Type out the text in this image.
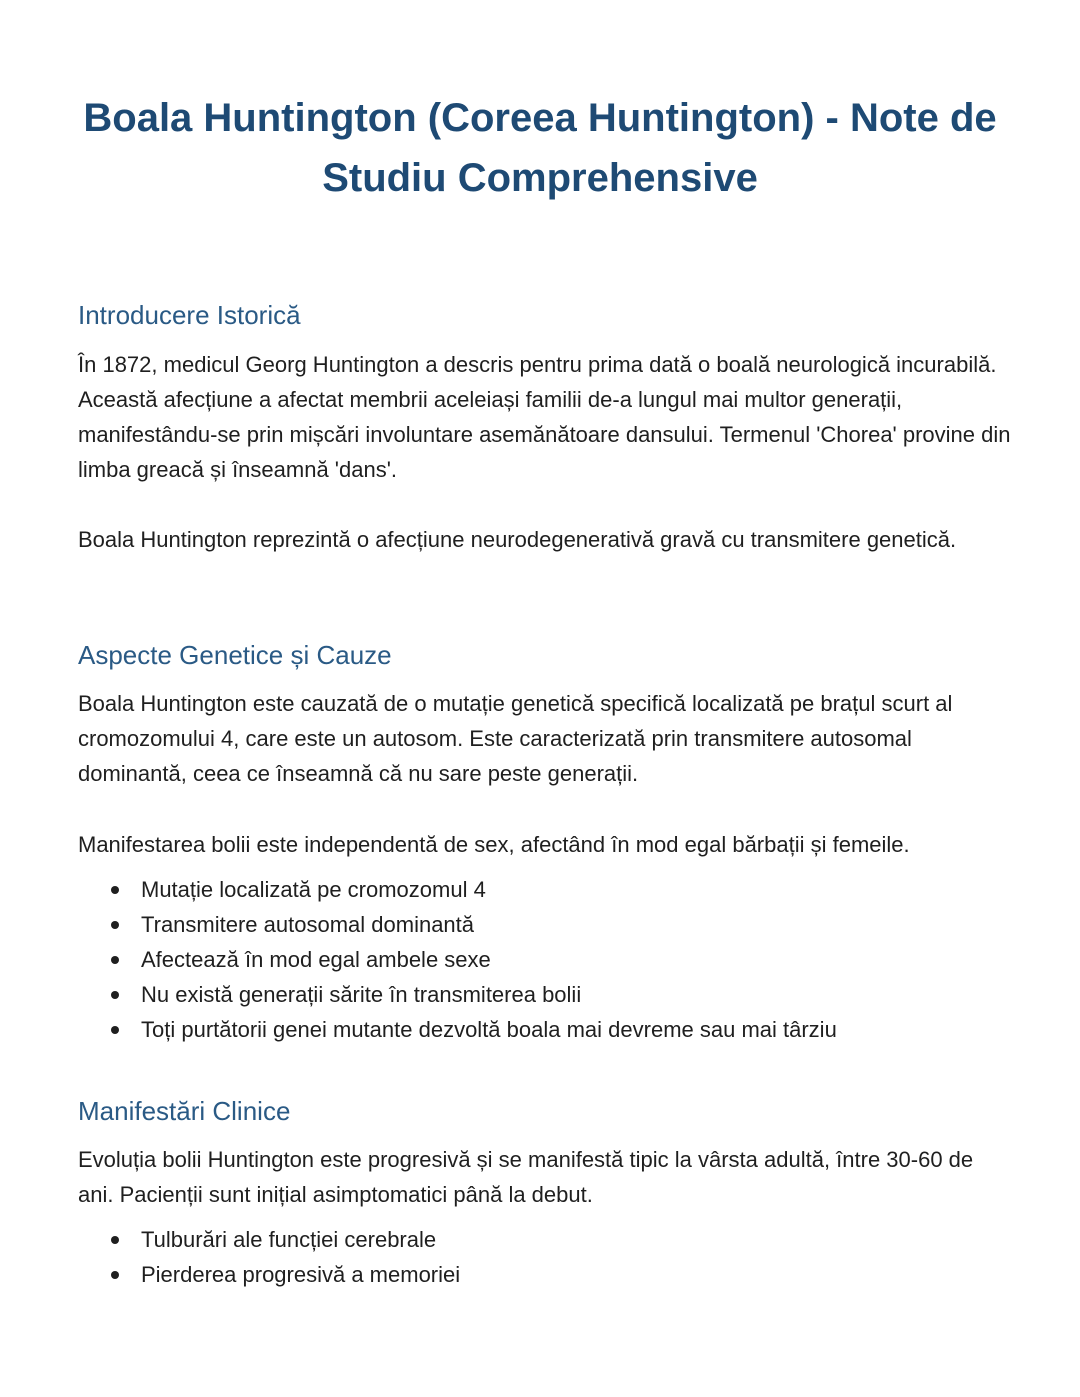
Boala Huntington (Coreea Huntington) - Note de Studiu Comprehensive
Introducere Istorică

În 1872, medicul Georg Huntington a descris pentru prima dată o boală neurologică incurabilă. Această afecțiune a afectat membrii aceleiași familii de-a lungul mai multor generații, manifestându-se prin mișcări involuntare asemănătoare dansului. Termenul 'Chorea' provine din limba greacă și înseamnă 'dans'.

Boala Huntington reprezintă o afecțiune neurodegenerativă gravă cu transmitere genetică.

Aspecte Genetice și Cauze

Boala Huntington este cauzată de o mutație genetică specifică localizată pe brațul scurt al cromozomului 4, care este un autosom. Este caracterizată prin transmitere autosomal dominantă, ceea ce înseamnă că nu sare peste generații.

Manifestarea bolii este independentă de sex, afectând în mod egal bărbații și femeile.

Mutație localizată pe cromozomul 4
Transmitere autosomal dominantă
Afectează în mod egal ambele sexe
Nu există generații sărite în transmiterea bolii
Toți purtătorii genei mutante dezvoltă boala mai devreme sau mai târziu
Manifestări Clinice

Evoluția bolii Huntington este progresivă și se manifestă tipic la vârsta adultă, între 30-60 de ani. Pacienții sunt inițial asimptomatici până la debut.

Tulburări ale funcției cerebrale
Pierderea progresivă a memoriei
